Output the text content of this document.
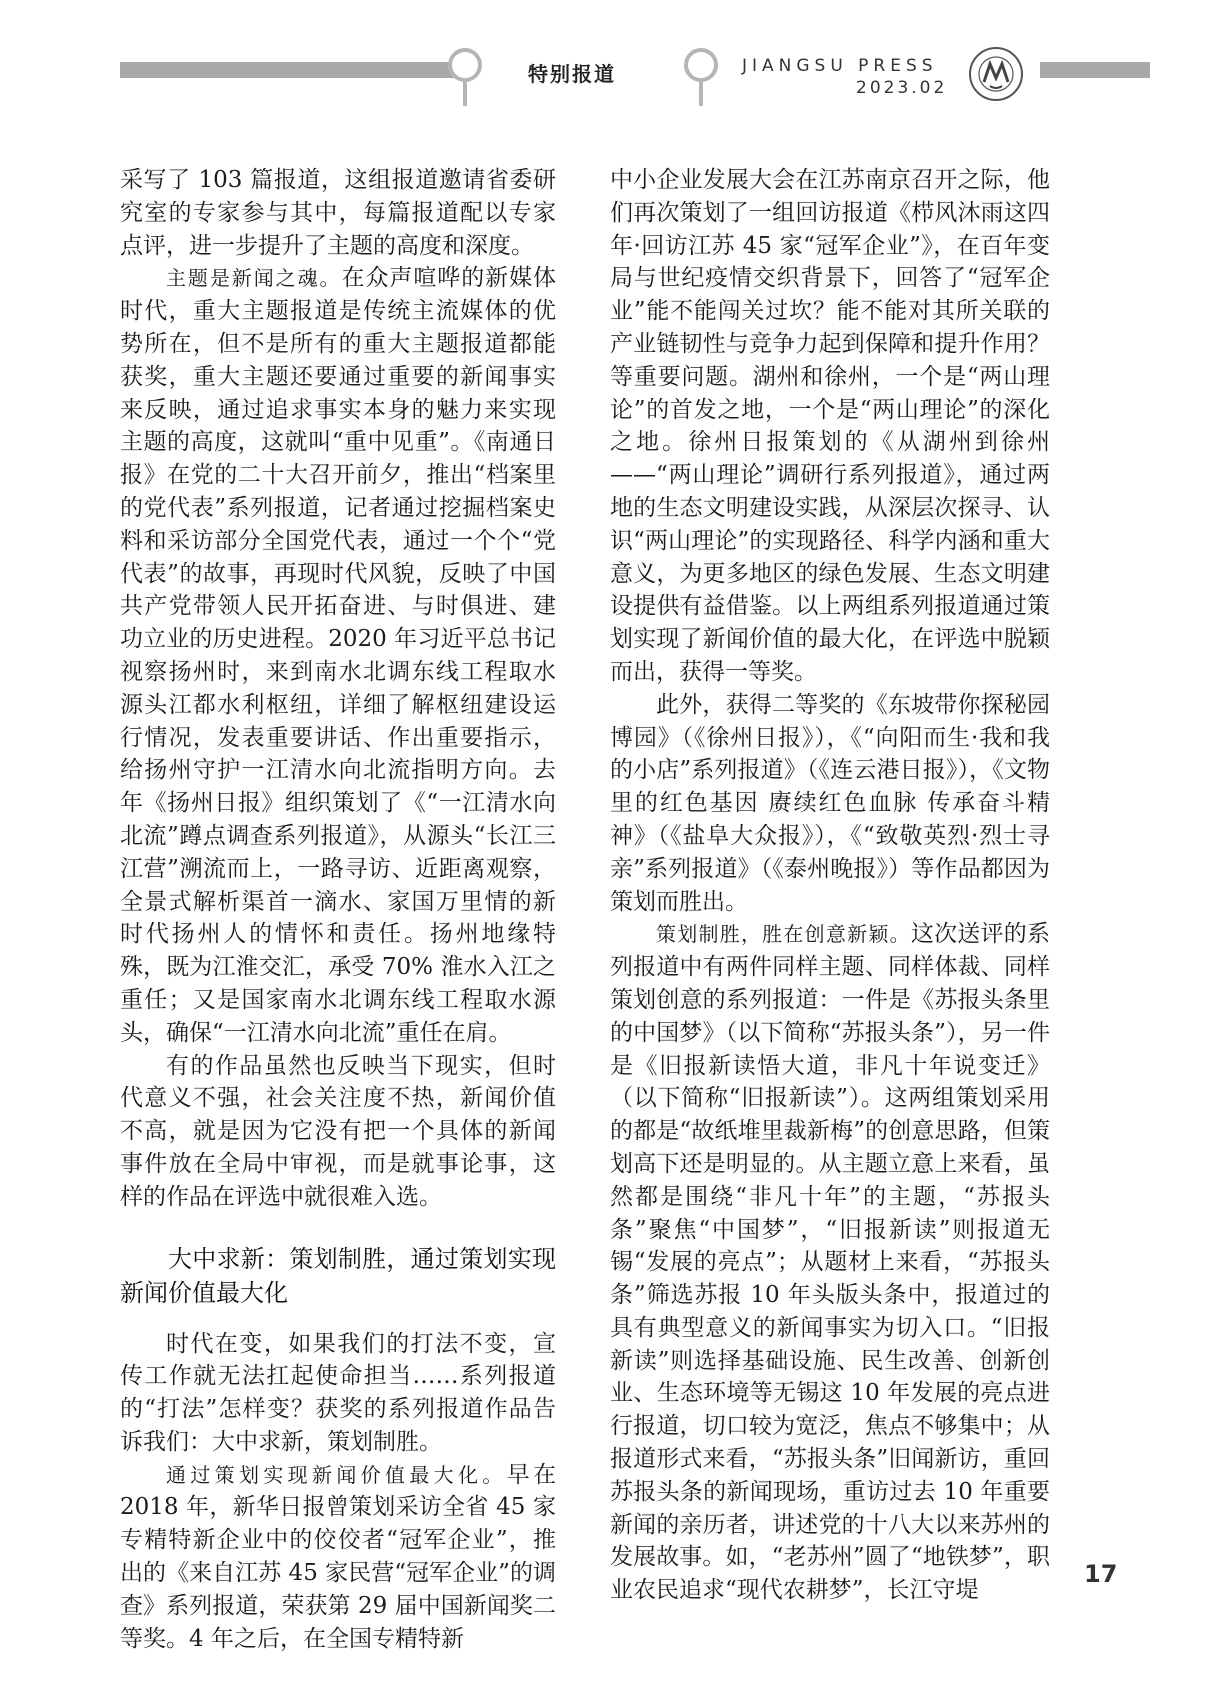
特别报道	JIANGSU PRESS
2023.02

采写了 103 篇报道，这组报道邀请省委研究室的专家参与其中，每篇报道配以专家点评，进一步提升了主题的高度和深度。

主题是新闻之魂。在众声喧哗的新媒体时代，重大主题报道是传统主流媒体的优势所在，但不是所有的重大主题报道都能获奖，重大主题还要通过重要的新闻事实来反映，通过追求事实本身的魅力来实现主题的高度，这就叫“重中见重”。《南通日报》在党的二十大召开前夕，推出“档案里的党代表”系列报道，记者通过挖掘档案史料和采访部分全国党代表，通过一个个“党代表”的故事，再现时代风貌，反映了中国共产党带领人民开拓奋进、与时俱进、建功立业的历史进程。2020 年习近平总书记视察扬州时，来到南水北调东线工程取水源头江都水利枢纽，详细了解枢纽建设运行情况，发表重要讲话、作出重要指示，给扬州守护一江清水向北流指明方向。去年《扬州日报》组织策划了《“一江清水向北流”蹲点调查系列报道》，从源头“长江三江营”溯流而上，一路寻访、近距离观察，全景式解析渠首一滴水、家国万里情的新时代扬州人的情怀和责任。扬州地缘特殊，既为江淮交汇，承受 70% 淮水入江之重任；又是国家南水北调东线工程取水源头，确保“一江清水向北流”重任在肩。

有的作品虽然也反映当下现实，但时代意义不强，社会关注度不热，新闻价值不高，就是因为它没有把一个具体的新闻事件放在全局中审视，而是就事论事，这样的作品在评选中就很难入选。

大中求新：策划制胜，通过策划实现新闻价值最大化

时代在变，如果我们的打法不变，宣传工作就无法扛起使命担当……系列报道的“打法”怎样变？获奖的系列报道作品告诉我们：大中求新，策划制胜。

通过策划实现新闻价值最大化。早在 2018 年，新华日报曾策划采访全省 45 家专精特新企业中的佼佼者“冠军企业”，推出的《来自江苏 45 家民营“冠军企业”的调查》系列报道，荣获第 29 届中国新闻奖二等奖。4 年之后，在全国专精特新

中小企业发展大会在江苏南京召开之际，他们再次策划了一组回访报道《栉风沐雨这四年·回访江苏 45 家“冠军企业”》，在百年变局与世纪疫情交织背景下，回答了“冠军企业”能不能闯关过坎？能不能对其所关联的产业链韧性与竞争力起到保障和提升作用？等重要问题。湖州和徐州，一个是“两山理论”的首发之地，一个是“两山理论”的深化之地。徐州日报策划的《从湖州到徐州——“两山理论”调研行系列报道》，通过两地的生态文明建设实践，从深层次探寻、认识“两山理论”的实现路径、科学内涵和重大意义，为更多地区的绿色发展、生态文明建设提供有益借鉴。以上两组系列报道通过策划实现了新闻价值的最大化，在评选中脱颖而出，获得一等奖。

此外，获得二等奖的《东坡带你探秘园博园》（《徐州日报》），《“向阳而生·我和我的小店”系列报道》（《连云港日报》），《文物里的红色基因 赓续红色血脉 传承奋斗精神》（《盐阜大众报》），《“致敬英烈·烈士寻亲”系列报道》（《泰州晚报》）等作品都因为策划而胜出。

策划制胜，胜在创意新颖。这次送评的系列报道中有两件同样主题、同样体裁、同样策划创意的系列报道：一件是《苏报头条里的中国梦》（以下简称“苏报头条”），另一件是《旧报新读悟大道，非凡十年说变迁》（以下简称“旧报新读”）。这两组策划采用的都是“故纸堆里裁新梅”的创意思路，但策划高下还是明显的。从主题立意上来看，虽然都是围绕“非凡十年”的主题，“苏报头条”聚焦“中国梦”，“旧报新读”则报道无锡“发展的亮点”；从题材上来看，“苏报头条”筛选苏报 10 年头版头条中，报道过的具有典型意义的新闻事实为切入口。“旧报新读”则选择基础设施、民生改善、创新创业、生态环境等无锡这 10 年发展的亮点进行报道，切口较为宽泛，焦点不够集中；从报道形式来看，“苏报头条”旧闻新访，重回苏报头条的新闻现场，重访过去 10 年重要新闻的亲历者，讲述党的十八大以来苏州的发展故事。如，“老苏州”圆了“地铁梦”，职业农民追求“现代农耕梦”，长江守堤

17
